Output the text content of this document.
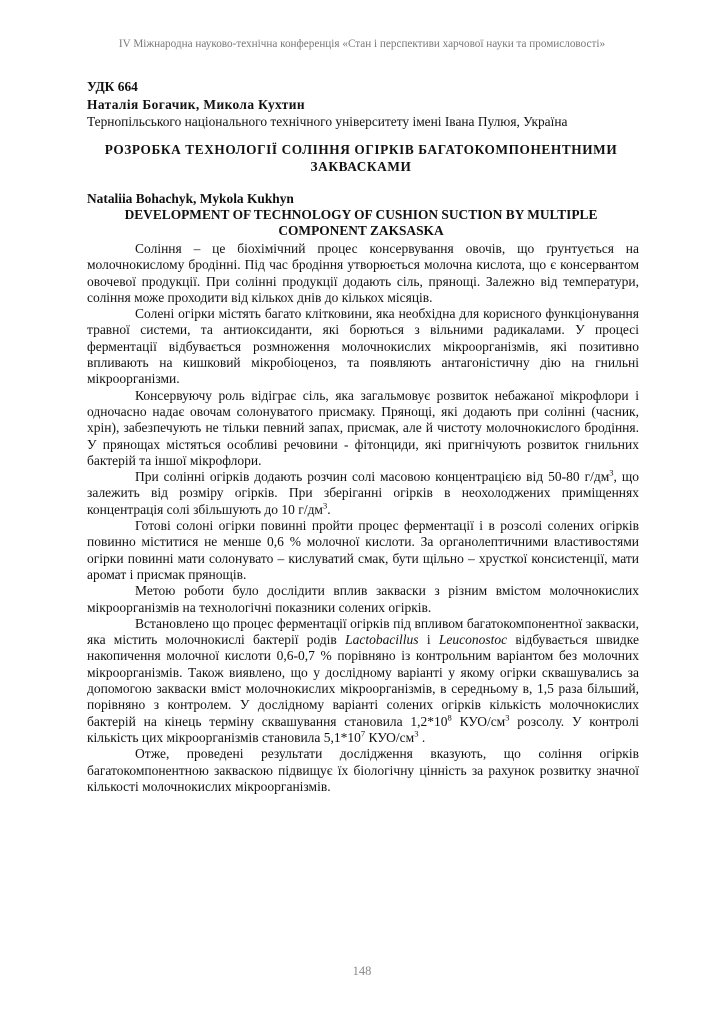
IV Міжнародна науково-технічна конференція «Стан і перспективи харчової науки та промисловості»
УДК 664
Наталія Богачик, Микола Кухтин
Тернопільського національного технічного університету імені Івана Пулюя, Україна
РОЗРОБКА ТЕХНОЛОГІЇ СОЛІННЯ ОГІРКІВ БАГАТОКОМПОНЕНТНИМИ ЗАКВАСКАМИ
Nataliia Bohachyk, Mykola Kukhyn
DEVELOPMENT OF TECHNOLOGY OF CUSHION SUCTION BY MULTIPLE COMPONENT ZAKSASKA

Соління – це біохімічний процес консервування овочів, що ґрунтується на молочнокислому бродінні. Під час бродіння утворюється молочна кислота, що є консервантом овочевої продукції. При солінні продукції додають сіль, прянощі. Залежно від температури, соління може проходити від кількох днів до кількох місяців.

Солені огірки містять багато клітковини, яка необхідна для корисного функціонування травної системи, та антиоксиданти, які борються з вільними радикалами. У процесі ферментації відбувається розмноження молочнокислих мікроорганізмів, які позитивно впливають на кишковий мікробіоценоз, та появляють антагоністичну дію на гнильні мікроорганізми.

Консервуючу роль відіграє сіль, яка загальмовує розвиток небажаної мікрофлори і одночасно надає овочам солонуватого присмаку. Прянощі, які додають при солінні (часник, хрін), забезпечують не тільки певний запах, присмак, але й чистоту молочнокислого бродіння. У прянощах містяться особливі речовини - фітонциди, які пригнічують розвиток гнильних бактерій та іншої мікрофлори.

При солінні огірків додають розчин солі масовою концентрацією від 50-80 $г/дм^3$, що залежить від розміру огірків. При зберіганні огірків в неохолоджених приміщеннях концентрація солі збільшують до 10 $г/дм^3$.

Готові солоні огірки повинні пройти процес ферментації і в розсолі солених огірків повинно міститися не менше 0,6 % молочної кислоти. За органолептичними властивостями огірки повинні мати солонувато – кислуватий смак, бути щільно – хрусткої консистенції, мати аромат і присмак прянощів.

Метою роботи було дослідити вплив закваски з різним вмістом молочнокислих мікроорганізмів на технологічні показники солених огірків.

Встановлено що процес ферментації огірків під впливом багатокомпонентної закваски, яка містить молочнокислі бактерії родів Lactobacillus і Leuconostoc відбувається швидке накопичення молочної кислоти 0,6-0,7 % порівняно із контрольним варіантом без молочних мікроорганізмів. Також виявлено, що у дослідному варіанті у якому огірки сквашувались за допомогою закваски вміст молочнокислих мікроорганізмів, в середньому в, 1,5 раза більший, порівняно з контролем. У дослідному варіанті солених огірків кількість молочнокислих бактерій на кінець терміну сквашування становила $1,2*10^8$ КУО/$см^3$ розсолу. У контролі кількість цих мікроорганізмів становила $5,1*10^7$ КУО/$см^3$ .

Отже, проведені результати дослідження вказують, що соління огірків багатокомпонентною заквaскою підвищує їх біологічну цінність за рахунок розвитку значної кількості молочнокислих мікроорганізмів.

148
